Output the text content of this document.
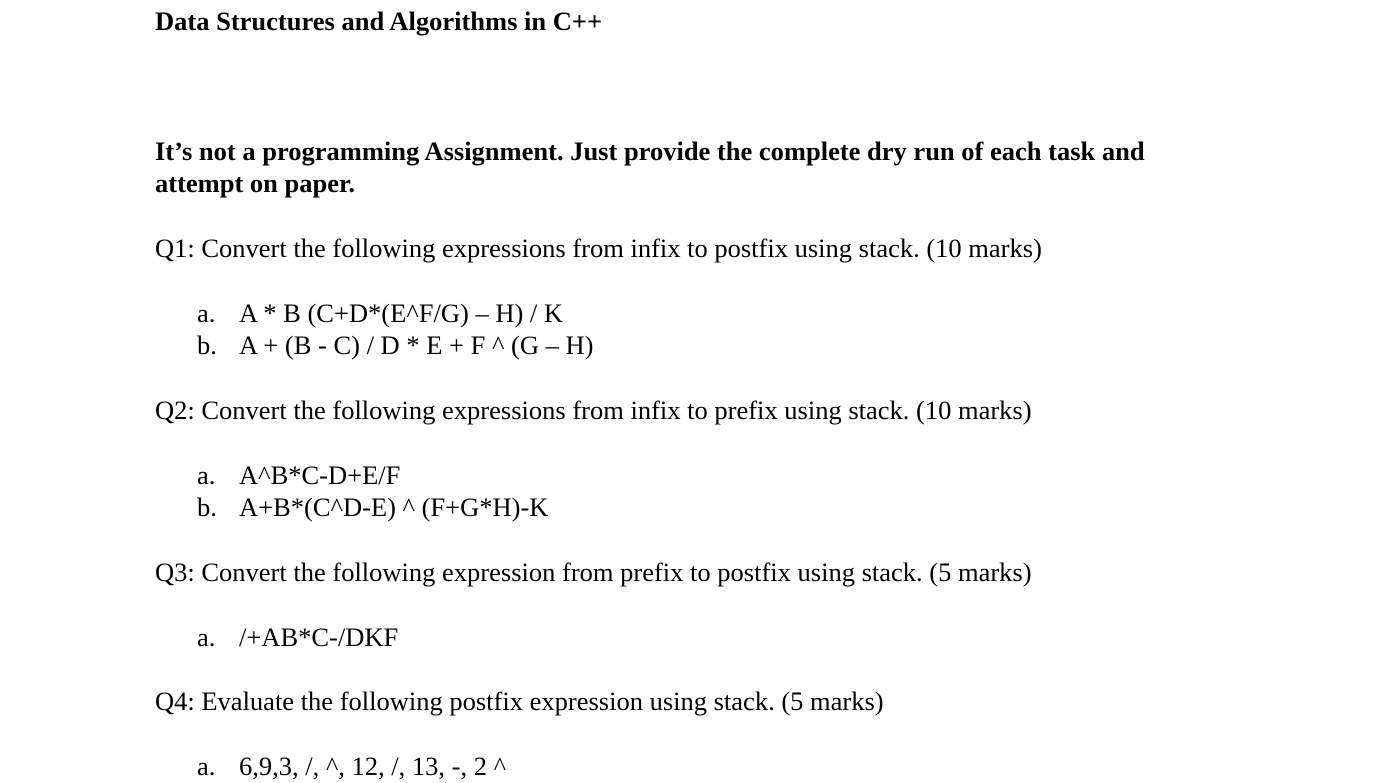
Data Structures and Algorithms in C++
It’s not a programming Assignment. Just provide the complete dry run of each task and
attempt on paper.
Q1: Convert the following expressions from infix to postfix using stack. (10 marks)
a. A * B (C+D*(E^F/G) – H) / K
b. A + (B - C) / D * E + F ^ (G – H)
Q2: Convert the following expressions from infix to prefix using stack. (10 marks)
a. A^B*C-D+E/F
b. A+B*(C^D-E) ^ (F+G*H)-K
Q3: Convert the following expression from prefix to postfix using stack. (5 marks)
a. /+AB*C-/DKF
Q4: Evaluate the following postfix expression using stack. (5 marks)
a. 6,9,3, /, ^, 12, /, 13, -, 2 ^
